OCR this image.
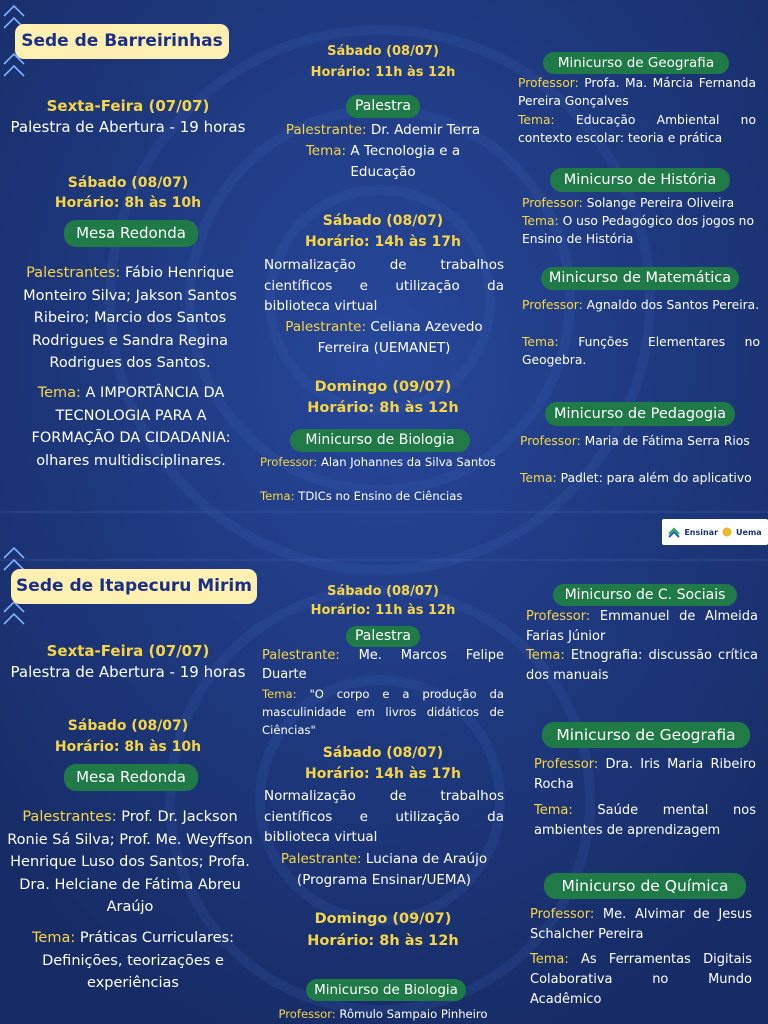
Sede de Barreirinhas
Sexta-Feira (07/07)
Palestra de Abertura - 19 horas
Sábado (08/07)
Horário: 8h às 10h
Mesa Redonda
Palestrantes: Fábio Henrique Monteiro Silva; Jakson Santos Ribeiro; Marcio dos Santos Rodrigues e Sandra Regina Rodrigues dos Santos.
Tema: A IMPORTÂNCIA DA TECNOLOGIA PARA A FORMAÇÃO DA CIDADANIA: olhares multidisciplinares.
Sábado (08/07)
Horário: 11h às 12h
Palestra
Palestrante: Dr. Ademir Terra
Tema: A Tecnologia e a Educação
Sábado (08/07)
Horário: 14h às 17h
Normalização de trabalhos científicos e utilização da biblioteca virtual
Palestrante: Celiana Azevedo Ferreira (UEMANET)
Domingo (09/07)
Horário: 8h às 12h
Minicurso de Biologia
Professor: Alan Johannes da Silva Santos
Tema: TDICs no Ensino de Ciências
Minicurso de Geografia
Professor: Profa. Ma. Márcia Fernanda Pereira Gonçalves
Tema: Educação Ambiental no contexto escolar: teoria e prática
Minicurso de História
Professor: Solange Pereira Oliveira
Tema: O uso Pedagógico dos jogos no Ensino de História
Minicurso de Matemática
Professor: Agnaldo dos Santos Pereira.
Tema: Funções Elementares no Geogebra.
Minicurso de Pedagogia
Professor: Maria de Fátima Serra Rios
Tema: Padlet: para além do aplicativo
Ensinar Uema
Sede de Itapecuru Mirim
Sexta-Feira (07/07)
Palestra de Abertura - 19 horas
Sábado (08/07)
Horário: 8h às 10h
Mesa Redonda
Palestrantes: Prof. Dr. Jackson Ronie Sá Silva; Prof. Me. Weyffson Henrique Luso dos Santos; Profa. Dra. Helciane de Fátima Abreu Araújo
Tema: Práticas Curriculares: Definições, teorizações e experiências
Sábado (08/07)
Horário: 11h às 12h
Palestra
Palestrante: Me. Marcos Felipe Duarte
Tema: "O corpo e a produção da masculinidade em livros didáticos de Ciências"
Sábado (08/07)
Horário: 14h às 17h
Normalização de trabalhos científicos e utilização da biblioteca virtual
Palestrante: Luciana de Araújo (Programa Ensinar/UEMA)
Domingo (09/07)
Horário: 8h às 12h
Minicurso de Biologia
Professor: Rômulo Sampaio Pinheiro
Minicurso de C. Sociais
Professor: Emmanuel de Almeida Farias Júnior
Tema: Etnografia: discussão crítica dos manuais
Minicurso de Geografia
Professor: Dra. Iris Maria Ribeiro Rocha
Tema: Saúde mental nos ambientes de aprendizagem
Minicurso de Química
Professor: Me. Alvimar de Jesus Schalcher Pereira
Tema: As Ferramentas Digitais Colaborativa no Mundo Acadêmico
